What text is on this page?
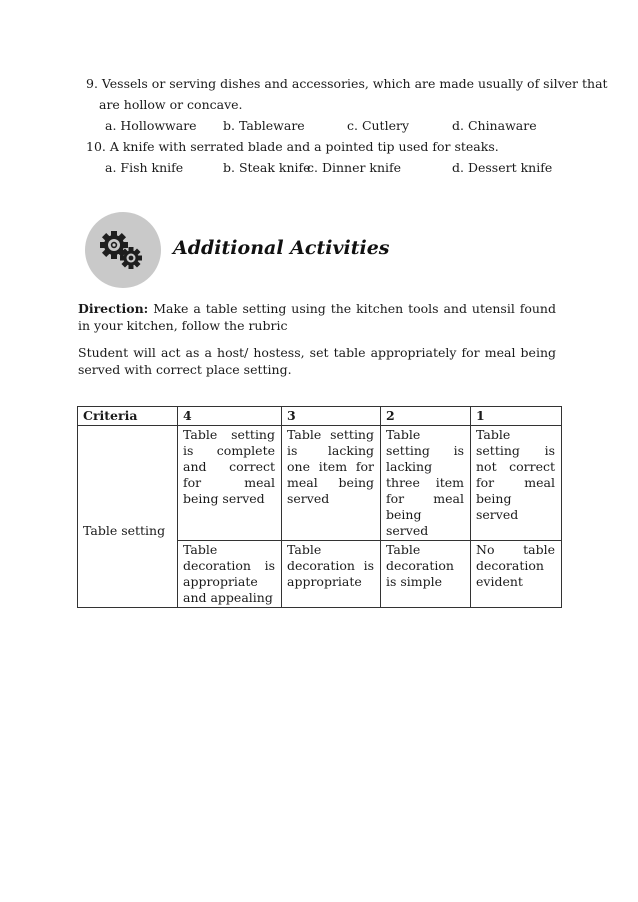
9. Vessels or serving dishes and accessories, which are made usually of silver that
are hollow or concave.
a. Hollowware b. Tableware	c. Cutlery	d. Chinaware
10. A knife with serrated blade and a pointed tip used for steaks.
a. Fish knife	b. Steak knife
c. Dinner knife	d. Dessert knife
Additional Activities
Direction: Make a table setting using the kitchen tools and utensil found in your kitchen, follow the rubric
Student will act as a host/ hostess, set table appropriately for meal being served with correct place setting.
Criteria	4	3	2	1
Table setting	Table setting is complete and correct for meal being served	Table setting is lacking one item for meal being served	Table setting is lacking three item for meal being served	Table setting is not correct for meal being served
	Table decoration is appropriate and appealing	Table decoration is appropriate	Table decoration is simple	No table decoration evident
